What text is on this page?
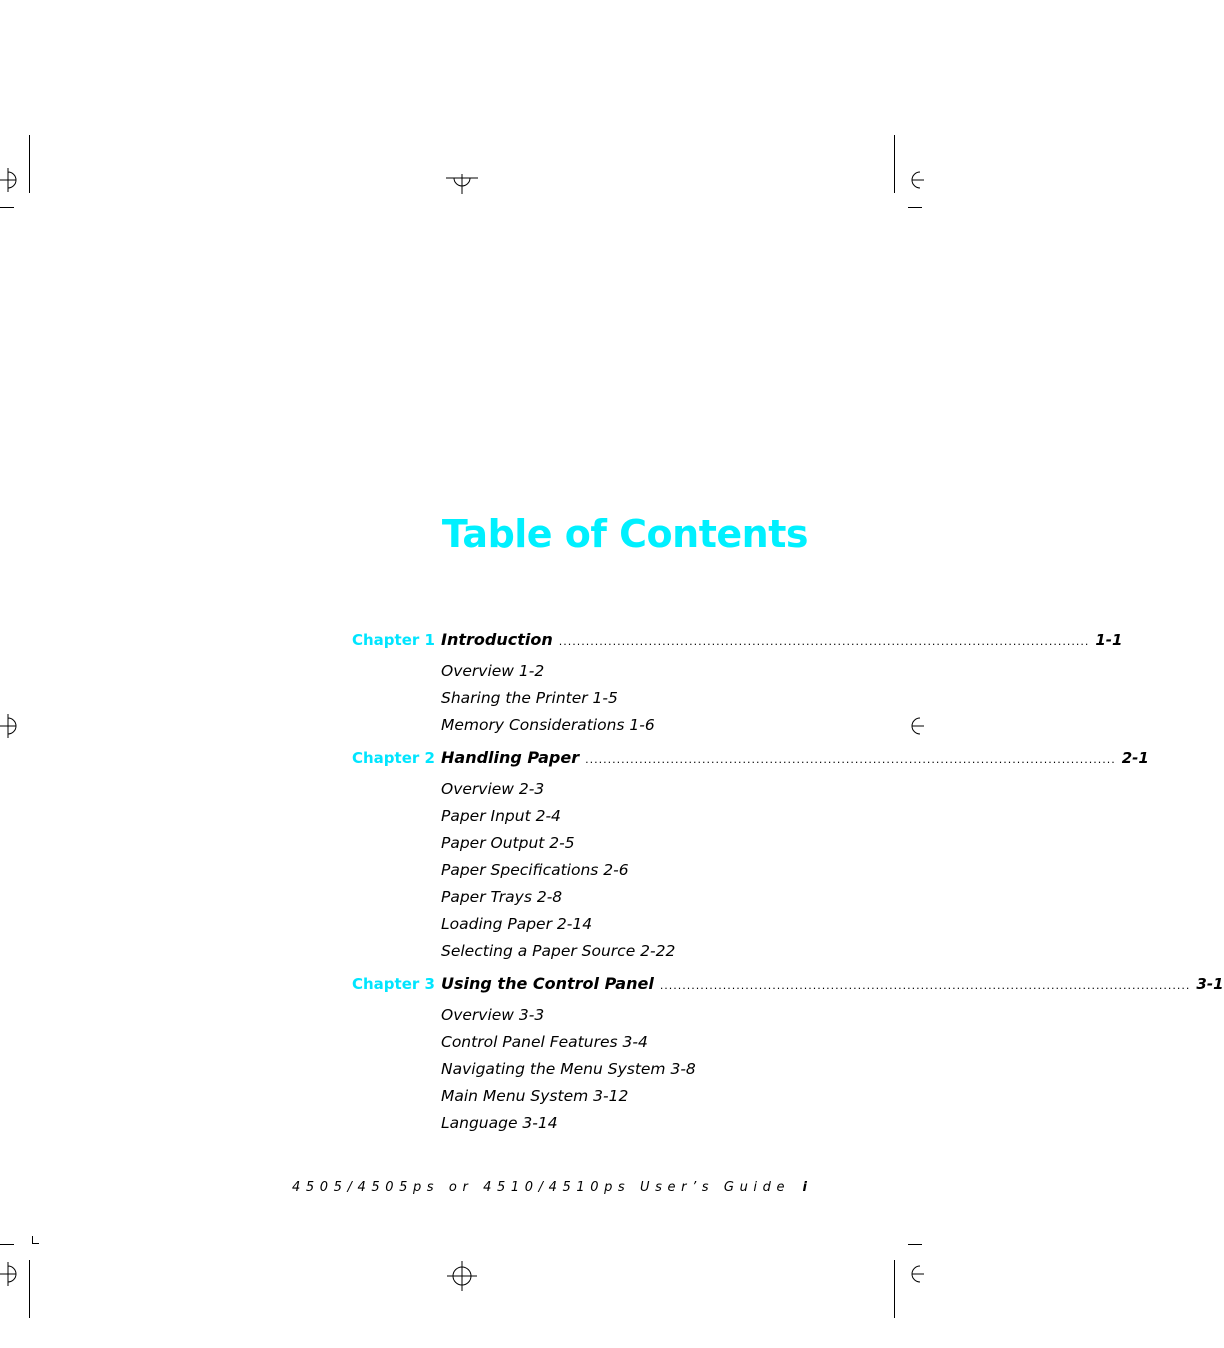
Table of Contents
Chapter 1 Introduction ...................................................................................................................... 1-1
Overview 1-2
Sharing the Printer 1-5
Memory Considerations 1-6
Chapter 2 Handling Paper ...................................................................................................................... 2-1
Overview 2-3
Paper Input 2-4
Paper Output 2-5
Paper Specifications 2-6
Paper Trays 2-8
Loading Paper 2-14
Selecting a Paper Source 2-22
Chapter 3 Using the Control Panel ...................................................................................................................... 3-1
Overview 3-3
Control Panel Features 3-4
Navigating the Menu System 3-8
Main Menu System 3-12
Language 3-14
4505/4505ps or 4510/4510ps User’s Guide i
